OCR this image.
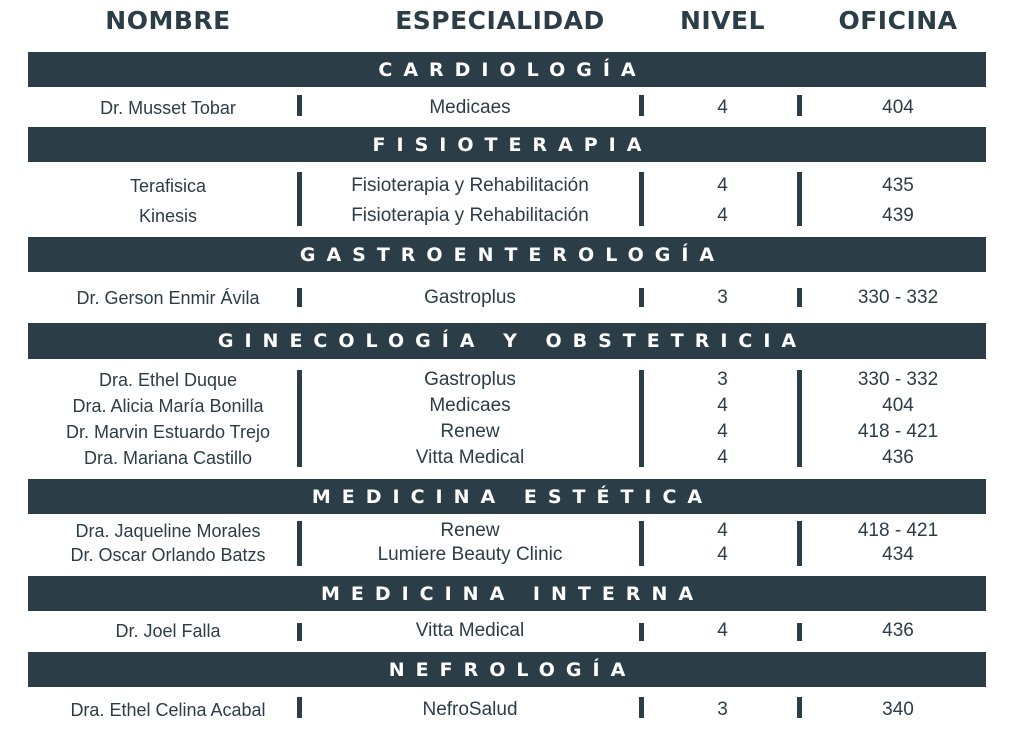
NOMBRE	ESPECIALIDAD	NIVEL	OFICINA
CARDIOLOGÍA
Dr. Musset Tobar	Medicaes	4	404
FISIOTERAPIA
Terafisica	Fisioterapia y Rehabilitación	4	435
Kinesis	Fisioterapia y Rehabilitación	4	439
GASTROENTEROLOGÍA
Dr. Gerson Enmir Ávila	Gastroplus	3	330 - 332
GINECOLOGÍA Y OBSTETRICIA
Dra. Ethel Duque	Gastroplus	3	330 - 332
Dra. Alicia María Bonilla	Medicaes	4	404
Dr. Marvin Estuardo Trejo	Renew	4	418 - 421
Dra. Mariana Castillo	Vitta Medical	4	436
MEDICINA ESTÉTICA
Dra. Jaqueline Morales	Renew	4	418 - 421
Dr. Oscar Orlando Batzs	Lumiere Beauty Clinic	4	434
MEDICINA INTERNA
Dr. Joel Falla	Vitta Medical	4	436
NEFROLOGÍA
Dra. Ethel Celina Acabal	NefroSalud	3	340
